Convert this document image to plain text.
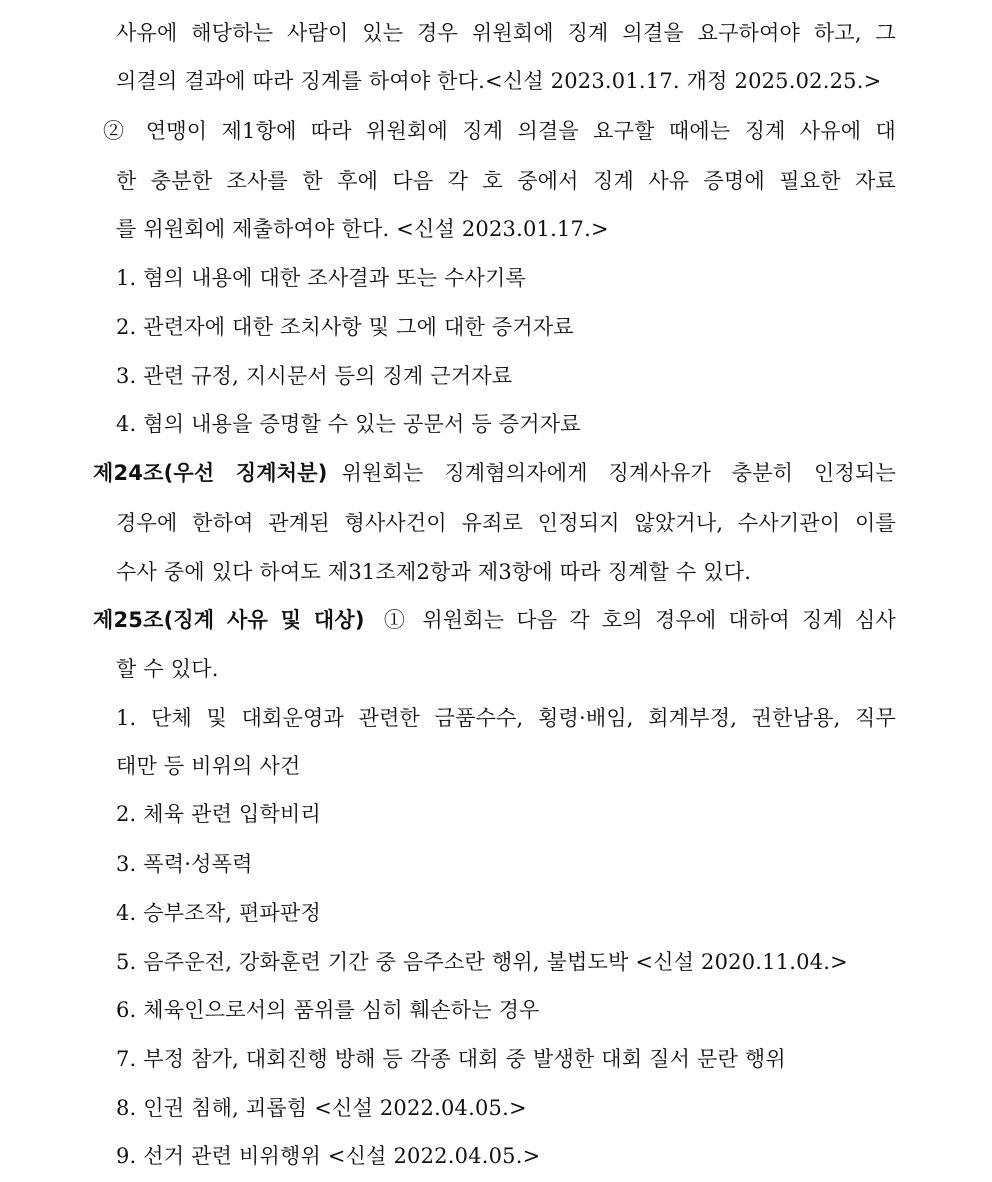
사유에 해당하는 사람이 있는 경우 위원회에 징계 의결을 요구하여야 하고, 그
의결의 결과에 따라 징계를 하여야 한다.<신설 2023.01.17. 개정 2025.02.25.>
② 연맹이 제1항에 따라 위원회에 징계 의결을 요구할 때에는 징계 사유에 대
한 충분한 조사를 한 후에 다음 각 호 중에서 징계 사유 증명에 필요한 자료
를 위원회에 제출하여야 한다. <신설 2023.01.17.>
1. 혐의 내용에 대한 조사결과 또는 수사기록
2. 관련자에 대한 조치사항 및 그에 대한 증거자료
3. 관련 규정, 지시문서 등의 징계 근거자료
4. 혐의 내용을 증명할 수 있는 공문서 등 증거자료
제24조(우선 징계처분) 위원회는 징계혐의자에게 징계사유가 충분히 인정되는
경우에 한하여 관계된 형사사건이 유죄로 인정되지 않았거나, 수사기관이 이를
수사 중에 있다 하여도 제31조제2항과 제3항에 따라 징계할 수 있다.
제25조(징계 사유 및 대상) ① 위원회는 다음 각 호의 경우에 대하여 징계 심사
할 수 있다.
1. 단체 및 대회운영과 관련한 금품수수, 횡령·배임, 회계부정, 권한남용, 직무
태만 등 비위의 사건
2. 체육 관련 입학비리
3. 폭력·성폭력
4. 승부조작, 편파판정
5. 음주운전, 강화훈련 기간 중 음주소란 행위, 불법도박 <신설 2020.11.04.>
6. 체육인으로서의 품위를 심히 훼손하는 경우
7. 부정 참가, 대회진행 방해 등 각종 대회 중 발생한 대회 질서 문란 행위
8. 인권 침해, 괴롭힘 <신설 2022.04.05.>
9. 선거 관련 비위행위 <신설 2022.04.05.>
